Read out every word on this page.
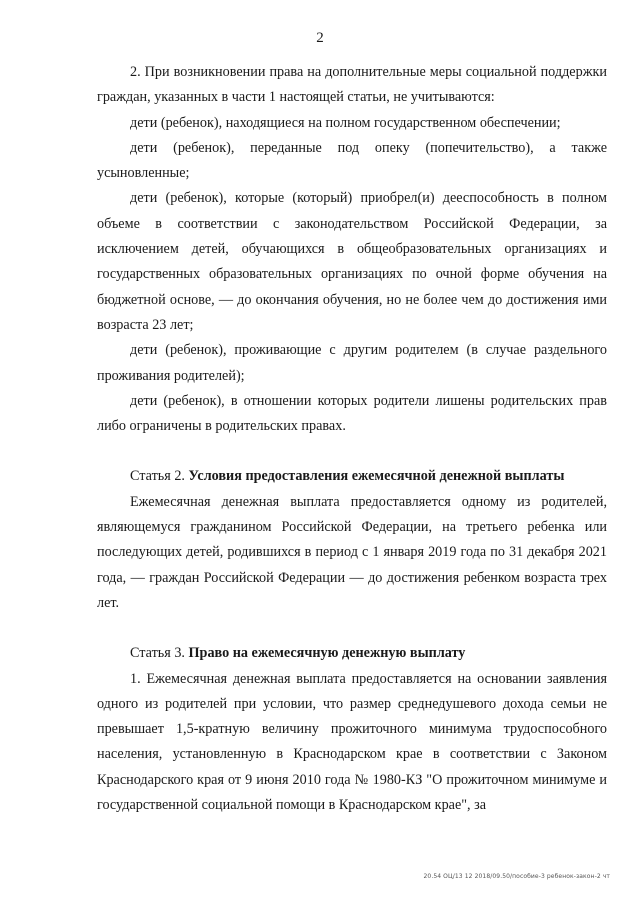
2

2. При возникновении права на дополнительные меры социальной поддержки граждан, указанных в части 1 настоящей статьи, не учитываются:

дети (ребенок), находящиеся на полном государственном обеспечении;

дети (ребенок), переданные под опеку (попечительство), а также усыновленные;

дети (ребенок), которые (который) приобрел(и) дееспособность в полном объеме в соответствии с законодательством Российской Федерации, за исключением детей, обучающихся в общеобразовательных организациях и государственных образовательных организациях по очной форме обучения на бюджетной основе, — до окончания обучения, но не более чем до достижения ими возраста 23 лет;

дети (ребенок), проживающие с другим родителем (в случае раздельного проживания родителей);

дети (ребенок), в отношении которых родители лишены родительских прав либо ограничены в родительских правах.

Статья 2. Условия предоставления ежемесячной денежной выплаты

Ежемесячная денежная выплата предоставляется одному из родителей, являющемуся гражданином Российской Федерации, на третьего ребенка или последующих детей, родившихся в период с 1 января 2019 года по 31 декабря 2021 года, — граждан Российской Федерации — до достижения ребенком возраста трех лет.

Статья 3. Право на ежемесячную денежную выплату

1. Ежемесячная денежная выплата предоставляется на основании заявления одного из родителей при условии, что размер среднедушевого дохода семьи не превышает 1,5-кратную величину прожиточного минимума трудоспособного населения, установленную в Краснодарском крае в соответствии с Законом Краснодарского края от 9 июня 2010 года № 1980-КЗ "О прожиточном минимуме и государственной социальной помощи в Краснодарском крае", за

20.54 ОЦ/13 12 2018/09.50/пособие-3 ребенок-закон-2 чт
